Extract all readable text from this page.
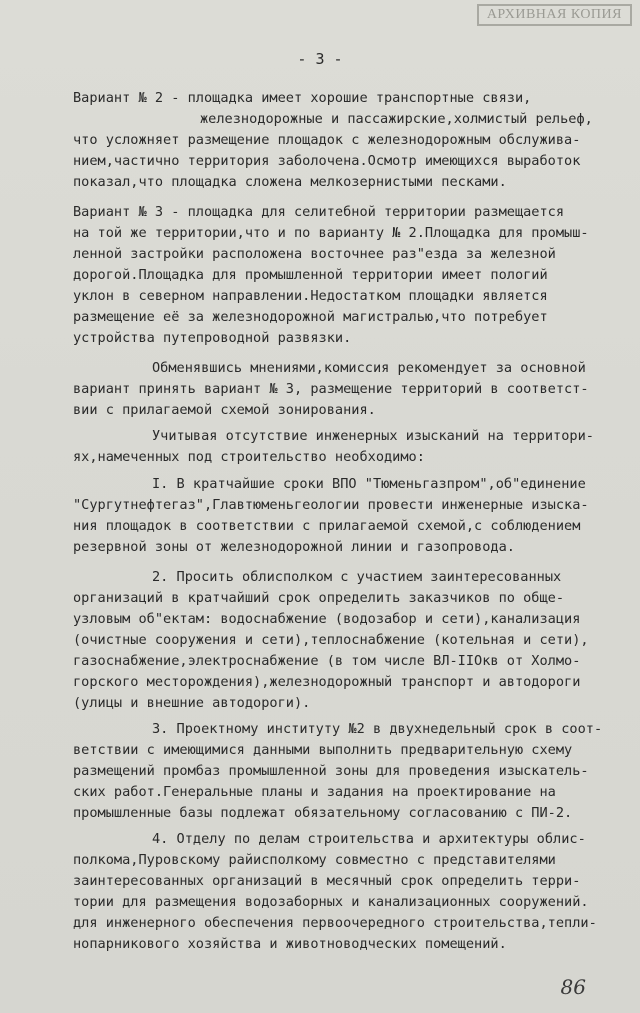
АРХИВНАЯ КОПИЯ
- 3 -
Вариант № 2 - площадка имеет хорошие транспортные связи,
железнодорожные и пассажирские,холмистый рельеф,
что усложняет размещение площадок с железнодорожным обслужива-
нием,частично территория заболочена.Осмотр имеющихся выработок
показал,что площадка сложена мелкозернистыми песками.
Вариант № 3 - площадка для селитебной территории размещается
на той же территории,что и по варианту № 2.Площадка для промыш-
ленной застройки расположена восточнее раз"езда за железной
дорогой.Площадка для промышленной территории имеет пологий
уклон в северном направлении.Недостатком площадки является
размещение её за железнодорожной магистралью,что потребует
устройства путепроводной развязки.
Обменявшись мнениями,комиссия рекомендует за основной
вариант принять вариант № 3, размещение территорий в соответст-
вии с прилагаемой схемой зонирования.
Учитывая отсутствие инженерных изысканий на территори-
ях,намеченных под строительство необходимо:
I. В кратчайшие сроки ВПО "Тюменьгазпром",об"единение
"Сургутнефтегаз",Главтюменьгеологии провести инженерные изыска-
ния площадок в соответствии с прилагаемой схемой,с соблюдением
резервной зоны от железнодорожной линии и газопровода.
2. Просить облисполком с участием заинтересованных
организаций в кратчайший срок определить заказчиков по обще-
узловым об"ектам: водоснабжение (водозабор и сети),канализация
(очистные сооружения и сети),теплоснабжение (котельная и сети),
газоснабжение,электроснабжение (в том числе ВЛ-IIОкв от Холмо-
горского месторождения),железнодорожный транспорт и автодороги
(улицы и внешние автодороги).
3. Проектному институту №2 в двухнедельный срок в соот-
ветствии с имеющимися данными выполнить предварительную схему
размещений промбаз промышленной зоны для проведения изыскатель-
ских работ.Генеральные планы и задания на проектирование на
промышленные базы подлежат обязательному согласованию с ПИ-2.
4. Отделу по делам строительства и архитектуры облис-
полкома,Пуровскому райисполкому совместно с представителями
заинтересованных организаций в месячный срок определить терри-
тории для размещения водозаборных и канализационных сооружений.
для инженерного обеспечения первоочередного строительства,тепли-
нопарникового хозяйства и животноводческих помещений.
86
